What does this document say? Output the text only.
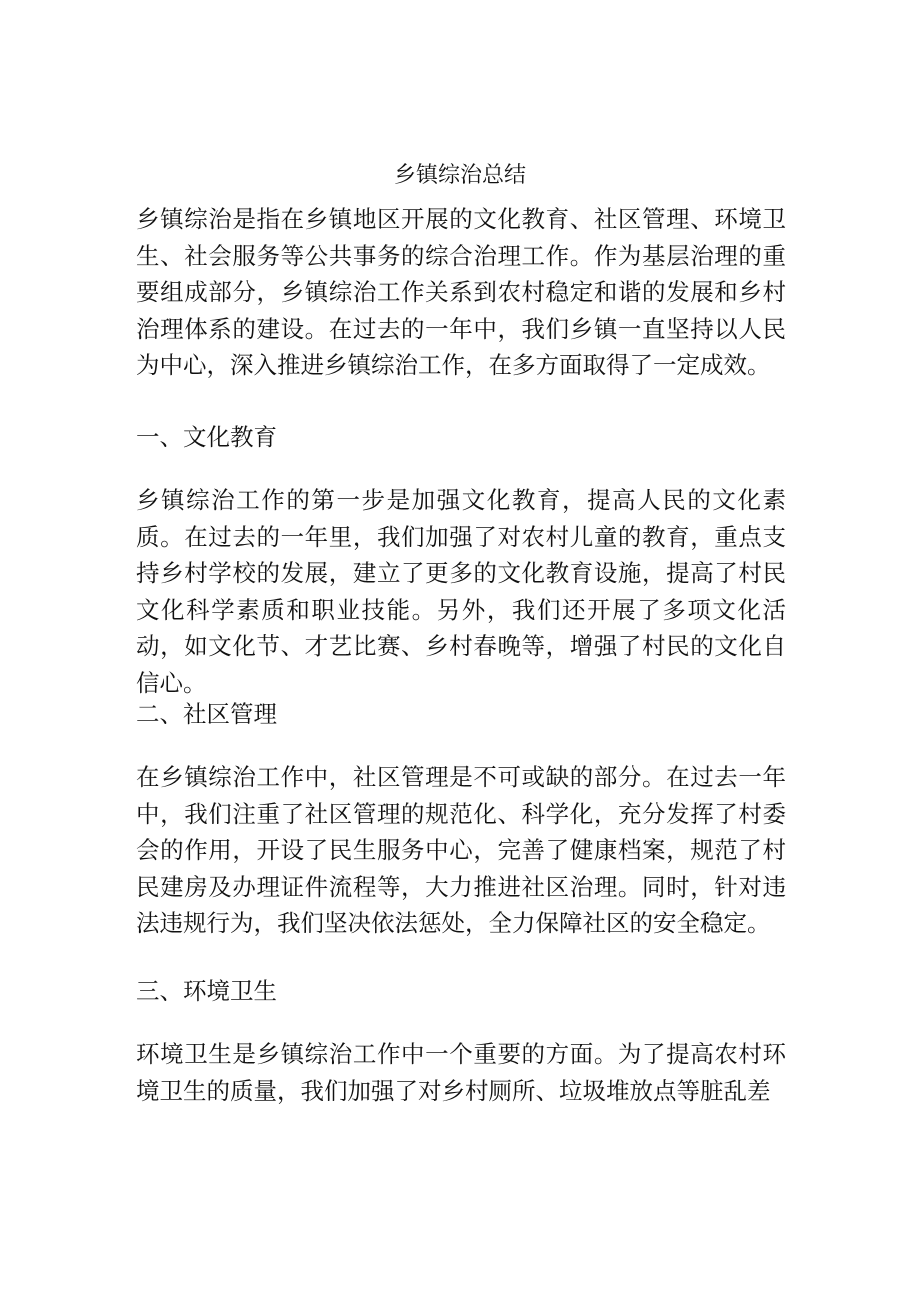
乡镇综治总结

乡镇综治是指在乡镇地区开展的文化教育、社区管理、环境卫生、社会服务等公共事务的综合治理工作。作为基层治理的重要组成部分，乡镇综治工作关系到农村稳定和谐的发展和乡村治理体系的建设。在过去的一年中，我们乡镇一直坚持以人民为中心，深入推进乡镇综治工作，在多方面取得了一定成效。

一、文化教育

乡镇综治工作的第一步是加强文化教育，提高人民的文化素质。在过去的一年里，我们加强了对农村儿童的教育，重点支持乡村学校的发展，建立了更多的文化教育设施，提高了村民文化科学素质和职业技能。另外，我们还开展了多项文化活动，如文化节、才艺比赛、乡村春晚等，增强了村民的文化自信心。

二、社区管理

在乡镇综治工作中，社区管理是不可或缺的部分。在过去一年中，我们注重了社区管理的规范化、科学化，充分发挥了村委会的作用，开设了民生服务中心，完善了健康档案，规范了村民建房及办理证件流程等，大力推进社区治理。同时，针对违法违规行为，我们坚决依法惩处，全力保障社区的安全稳定。

三、环境卫生

环境卫生是乡镇综治工作中一个重要的方面。为了提高农村环境卫生的质量，我们加强了对乡村厕所、垃圾堆放点等脏乱差
